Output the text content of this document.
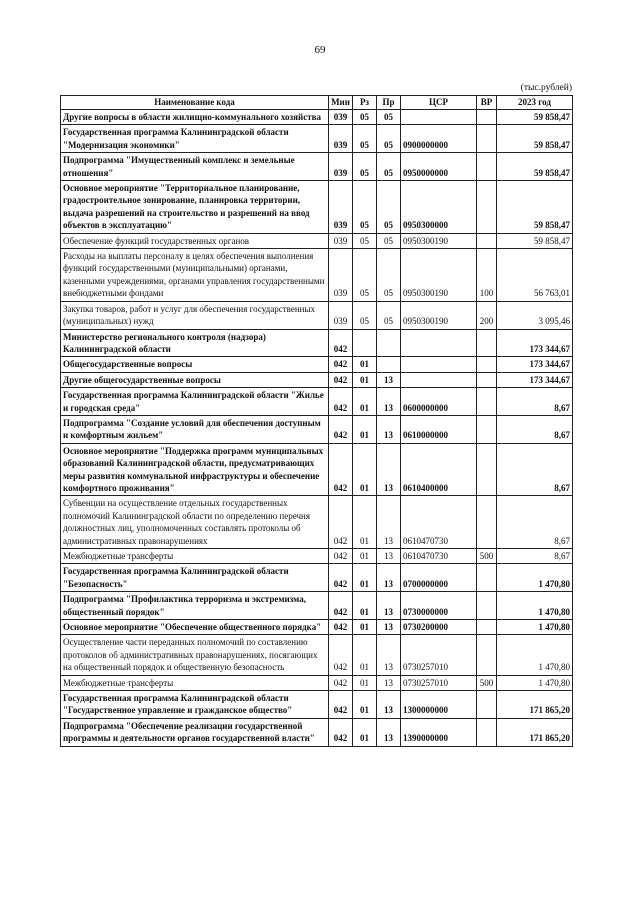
69
(тыс.рублей)
Наименование кода	Мин	Рз	Пр	ЦСР	ВР	2023 год
Другие вопросы в области жилищно-коммунального хозяйства	039	05	05			59 858,47
Государственная программа Калининградской области "Модернизация экономики"	039	05	05	0900000000		59 858,47
Подпрограмма "Имущественный комплекс и земельные отношения"	039	05	05	0950000000		59 858,47
Основное мероприятие "Территориальное планирование, градостроительное зонирование, планировка территории, выдача разрешений на строительство и разрешений на ввод объектов в эксплуатацию"	039	05	05	0950300000		59 858,47
Обеспечение функций государственных органов	039	05	05	0950300190		59 858,47
Расходы на выплаты персоналу в целях обеспечения выполнения функций государственными (муниципальными) органами, казенными учреждениями, органами управления государственными внебюджетными фондами	039	05	05	0950300190	100	56 763,01
Закупка товаров, работ и услуг для обеспечения государственных (муниципальных) нужд	039	05	05	0950300190	200	3 095,46
Министерство регионального контроля (надзора) Калининградской области	042					173 344,67
Общегосударственные вопросы	042	01				173 344,67
Другие общегосударственные вопросы	042	01	13			173 344,67
Государственная программа Калининградской области "Жилье и городская среда"	042	01	13	0600000000		8,67
Подпрограмма "Создание условий для обеспечения доступным и комфортным жильем"	042	01	13	0610000000		8,67
Основное мероприятие "Поддержка программ муниципальных образований Калининградской области, предусматривающих меры развития коммунальной инфраструктуры и обеспечение комфортного проживания"	042	01	13	0610400000		8,67
Субвенции на осуществление отдельных государственных полномочий Калининградской области по определению перечня должностных лиц, уполномоченных составлять протоколы об административных правонарушениях	042	01	13	0610470730		8,67
Межбюджетные трансферты	042	01	13	0610470730	500	8,67
Государственная программа Калининградской области "Безопасность"	042	01	13	0700000000		1 470,80
Подпрограмма "Профилактика терроризма и экстремизма, общественный порядок"	042	01	13	0730000000		1 470,80
Основное мероприятие "Обеспечение общественного порядка"	042	01	13	0730200000		1 470,80
Осуществление части переданных полномочий по составлению протоколов об административных правонарушениях, посягающих на общественный порядок и общественную безопасность	042	01	13	0730257010		1 470,80
Межбюджетные трансферты	042	01	13	0730257010	500	1 470,80
Государственная программа Калининградской области "Государственное управление и гражданское общество"	042	01	13	1300000000		171 865,20
Подпрограмма "Обеспечение реализации государственной программы и деятельности органов государственной власти"	042	01	13	1390000000		171 865,20
